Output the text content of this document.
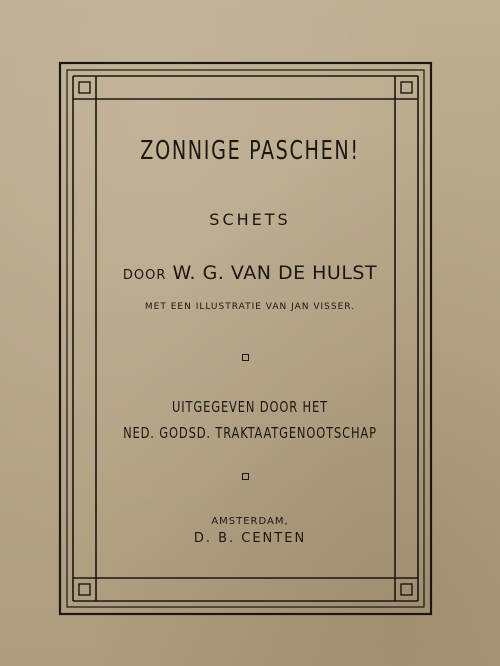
ZONNIGE PASCHEN!
SCHETS
DOOR W. G. VAN DE HULST
MET EEN ILLUSTRATIE VAN JAN VISSER.
UITGEGEVEN DOOR HET
NED. GODSD. TRAKTAATGENOOTSCHAP
AMSTERDAM,
D. B. CENTEN
